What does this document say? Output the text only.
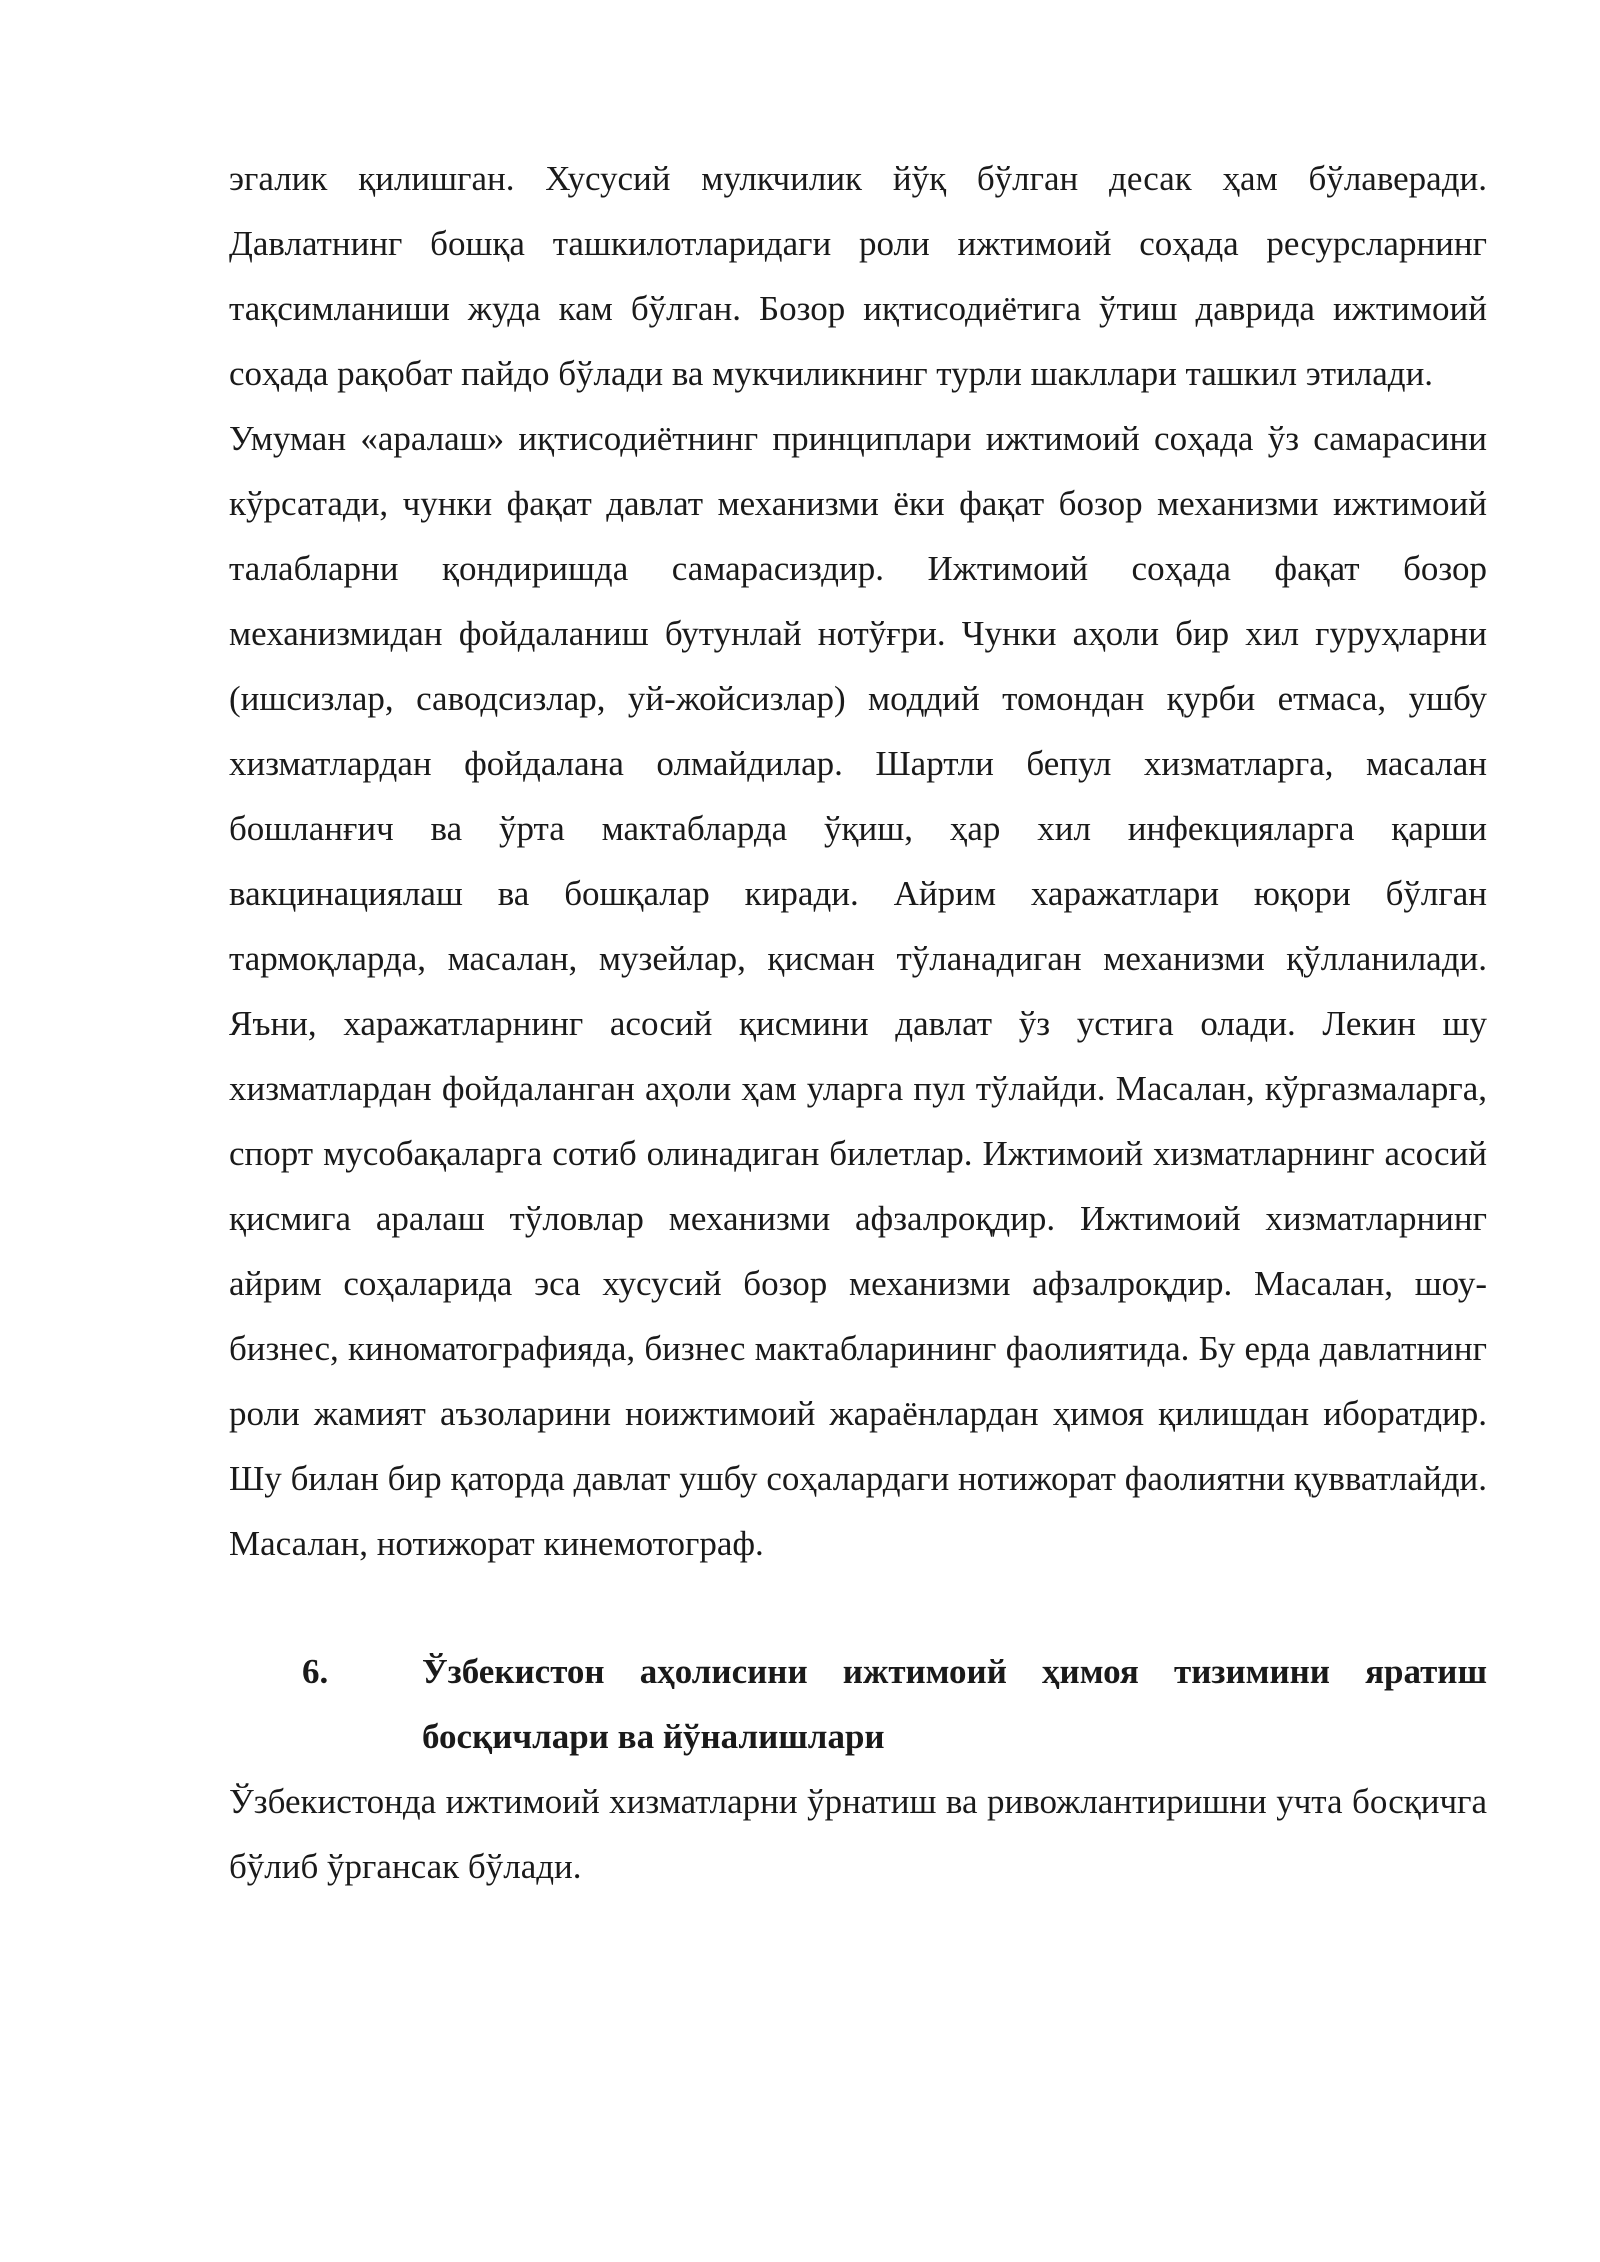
эгалик қилишган. Хусусий мулкчилик йўқ бўлган десак ҳам бўлаверади. Давлатнинг бошқа ташкилотларидаги роли ижтимоий соҳада ресурсларнинг тақсимланиши жуда кам бўлган. Бозор иқтисодиётига ўтиш даврида ижтимоий соҳада рақобат пайдо бўлади ва мукчиликнинг турли шакллари ташкил этилади.

Умуман «аралаш» иқтисодиётнинг принциплари ижтимоий соҳада ўз самарасини кўрсатади, чунки фақат давлат механизми ёки фақат бозор механизми ижтимоий талабларни қондиришда самарасиздир. Ижтимоий соҳада фақат бозор механизмидан фойдаланиш бутунлай нотўғри. Чунки аҳоли бир хил гуруҳларни (ишсизлар, саводсизлар, уй-жойсизлар) моддий томондан қурби етмаса, ушбу хизматлардан фойдалана олмайдилар. Шартли бепул хизматларга, масалан бошланғич ва ўрта мактабларда ўқиш, ҳар хил инфекцияларга қарши вакцинациялаш ва бошқалар киради. Айрим харажатлари юқори бўлган тармоқларда, масалан, музейлар, қисман тўланадиган механизми қўлланилади. Яъни, харажатларнинг асосий қисмини давлат ўз устига олади. Лекин шу хизматлардан фойдаланган аҳоли ҳам уларга пул тўлайди. Масалан, кўргазмаларга, спорт мусобақаларга сотиб олинадиган билетлар. Ижтимоий хизматларнинг асосий қисмига аралаш тўловлар механизми афзалроқдир. Ижтимоий хизматларнинг айрим соҳаларида эса хусусий бозор механизми афзалроқдир. Масалан, шоу-бизнес, киноматографияда, бизнес мактабларининг фаолиятида. Бу ерда давлатнинг роли жамият аъзоларини ноижтимоий жараёнлардан ҳимоя қилишдан иборатдир. Шу билан бир қаторда давлат ушбу соҳалардаги нотижорат фаолиятни қувватлайди. Масалан, нотижорат кинемотограф.

6.	Ўзбекистон аҳолисини ижтимоий ҳимоя тизимини яратиш босқичлари ва йўналишлари

Ўзбекистонда ижтимоий хизматларни ўрнатиш ва ривожлантиришни учта босқичга бўлиб ўргансак бўлади.
